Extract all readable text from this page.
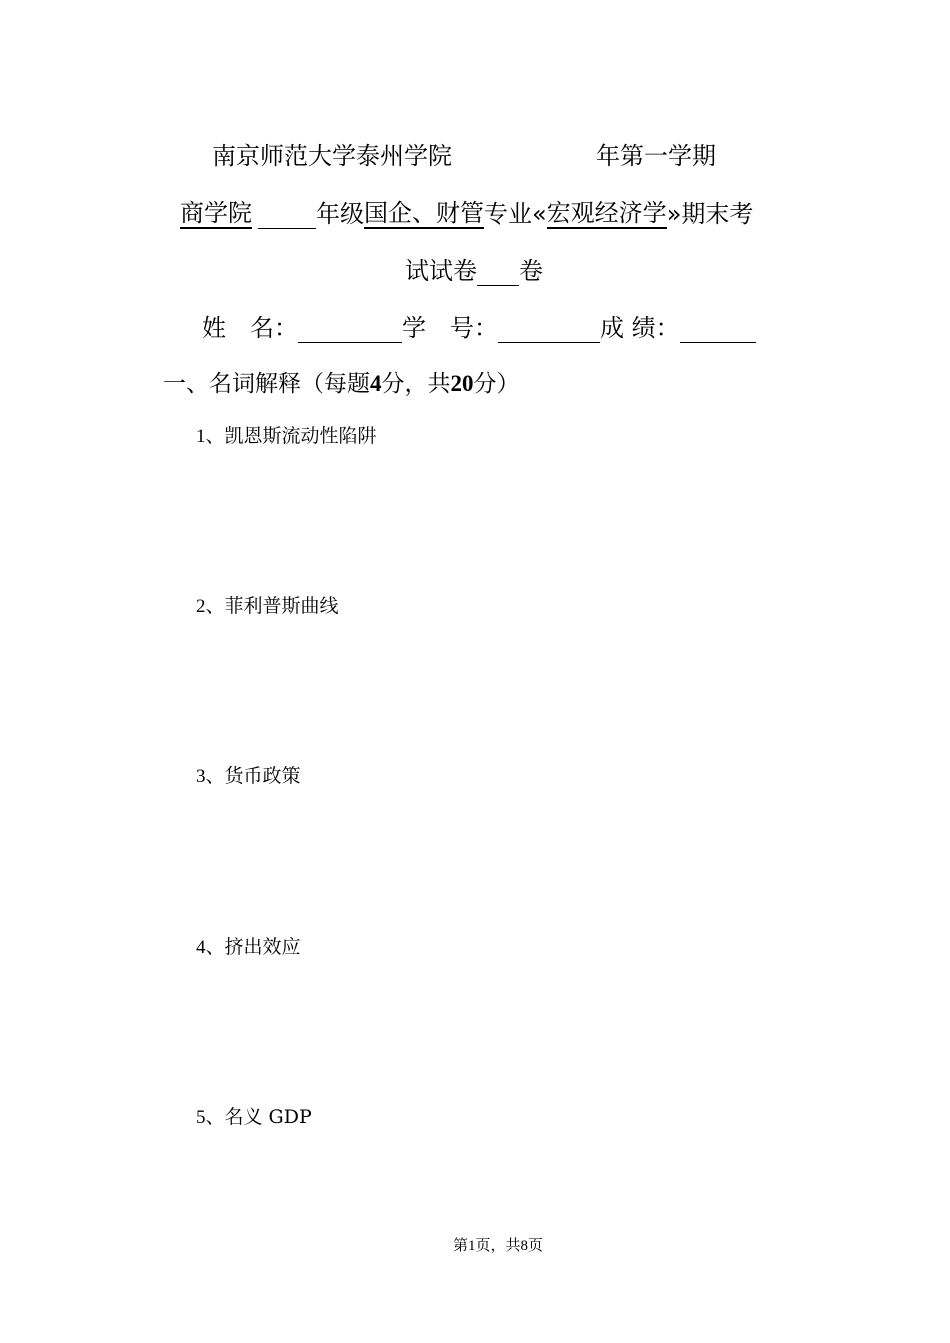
南京师范大学泰州学院	年第一学期
商学院	年级国企、财管专业«宏观经济学»期末考
试试卷 卷
姓　名：	学　号：	成 绩：
一、名词解释（每题4分，共20分）
1、凯恩斯流动性陷阱
2、菲利普斯曲线
3、货币政策
4、挤出效应
5、名义 GDP
第1页，共8页
